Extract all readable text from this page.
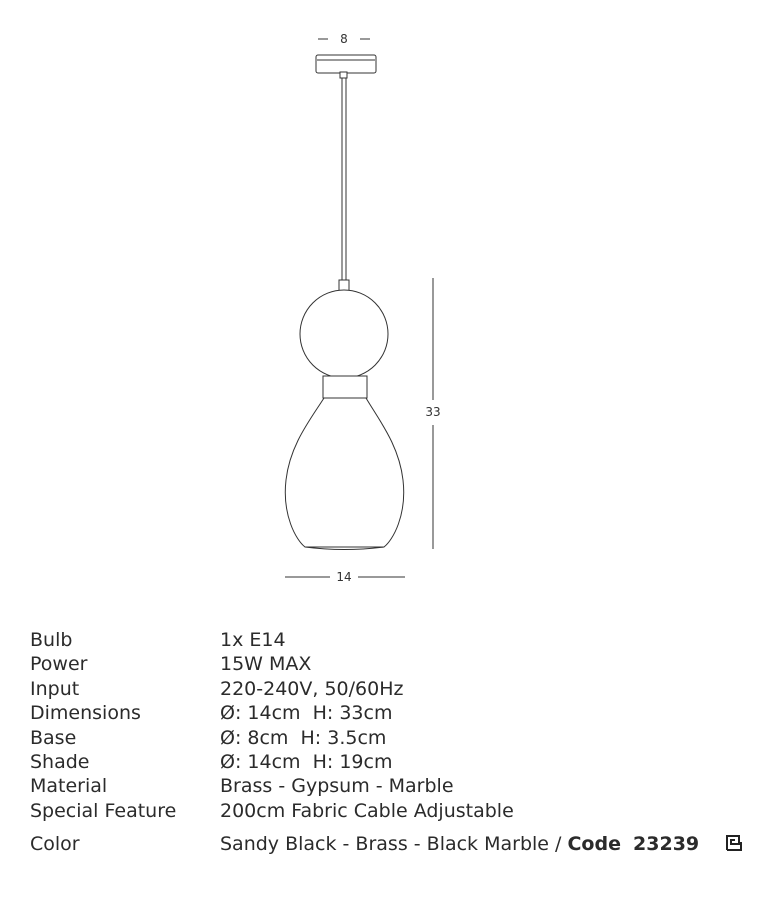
8
33
14
Bulb	1x E14
Power	15W MAX
Input	220-240V, 50/60Hz
Dimensions	Ø: 14cm  H: 33cm
Base	Ø: 8cm  H: 3.5cm
Shade	Ø: 14cm  H: 19cm
Material	Brass - Gypsum - Marble
Special Feature	200cm Fabric Cable Adjustable
Color	Sandy Black - Brass - Black Marble / Code 23239
